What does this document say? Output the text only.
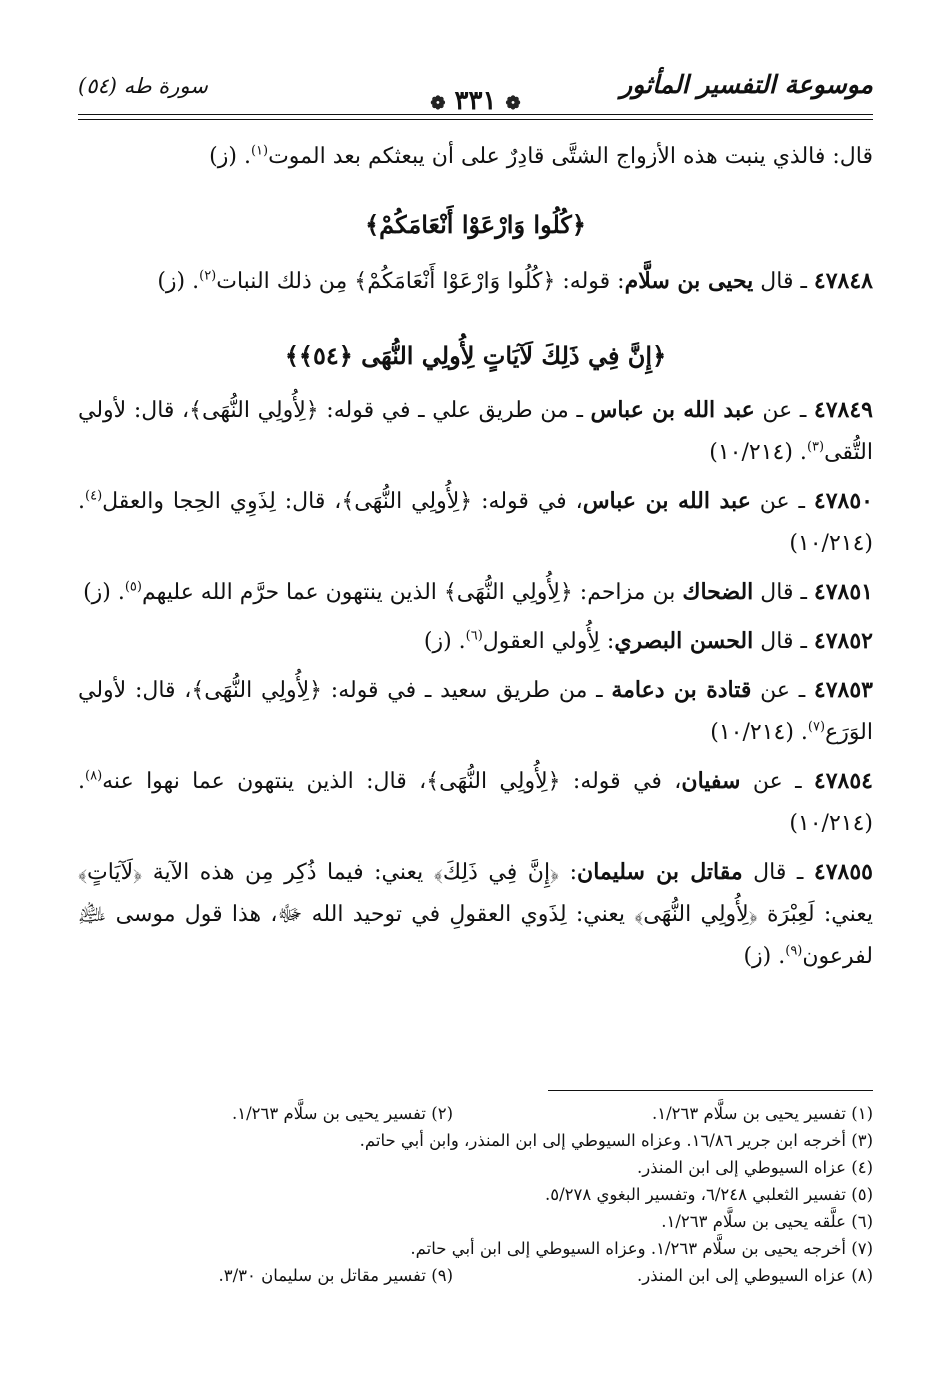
موسوعة التفسير المأثور
❁ ٣٣١ ❁
سورة طه (٥٤)

قال: فالذي ينبت هذه الأزواج الشتَّى قادِرٌ على أن يبعثكم بعد الموت$^{(١)}$. (ز)

﴿كُلُوا وَارْعَوْا أَنْعَامَكُمْ﴾

٤٧٨٤٨ ـ قال يحيى بن سلَّام: قوله: ﴿كُلُوا وَارْعَوْا أَنْعَامَكُمْ﴾ مِن ذلك النبات$^{(٢)}$. (ز)

﴿إِنَّ فِي ذَلِكَ لَآيَاتٍ لِأُولِي النُّهَى ﴿٥٤﴾﴾

٤٧٨٤٩ ـ عن عبد الله بن عباس ـ من طريق علي ـ في قوله: ﴿لِأُولِي النُّهَى﴾، قال: لأولي التُّقى$^{(٣)}$. (١٠/٢١٤)

٤٧٨٥٠ ـ عن عبد الله بن عباس، في قوله: ﴿لِأُولِي النُّهَى﴾، قال: لِذَوِي الحِجا والعقل$^{(٤)}$. (١٠/٢١٤)

٤٧٨٥١ ـ قال الضحاك بن مزاحم: ﴿لِأُولِي النُّهَى﴾ الذين ينتهون عما حرَّم الله عليهم$^{(٥)}$. (ز)

٤٧٨٥٢ ـ قال الحسن البصري: لِأُولي العقول$^{(٦)}$. (ز)

٤٧٨٥٣ ـ عن قتادة بن دعامة ـ من طريق سعيد ـ في قوله: ﴿لِأُولِي النُّهَى﴾، قال: لأولي الوَرَع$^{(٧)}$. (١٠/٢١٤)

٤٧٨٥٤ ـ عن سفيان، في قوله: ﴿لِأُولِي النُّهَى﴾، قال: الذين ينتهون عما نهوا عنه$^{(٨)}$. (١٠/٢١٤)

٤٧٨٥٥ ـ قال مقاتل بن سليمان: ﴿إِنَّ فِي ذَلِكَ﴾ يعني: فيما ذُكِر مِن هذه الآية ﴿لَآيَاتٍ﴾ يعني: لَعِبْرَة ﴿لِأُولِي النُّهَى﴾ يعني: لِذَوي العقولِ في توحيد الله ﷻ، هذا قول موسى ﵇ لفرعون$^{(٩)}$. (ز)

(١) تفسير يحيى بن سلَّام ١/٢٦٣.
(٢) تفسير يحيى بن سلَّام ١/٢٦٣.
(٣) أخرجه ابن جرير ١٦/٨٦. وعزاه السيوطي إلى ابن المنذر، وابن أبي حاتم.
(٤) عزاه السيوطي إلى ابن المنذر.
(٥) تفسير الثعلبي ٦/٢٤٨، وتفسير البغوي ٥/٢٧٨.
(٦) علَّقه يحيى بن سلَّام ١/٢٦٣.
(٧) أخرجه يحيى بن سلَّام ١/٢٦٣. وعزاه السيوطي إلى ابن أبي حاتم.
(٨) عزاه السيوطي إلى ابن المنذر.
(٩) تفسير مقاتل بن سليمان ٣/٣٠.
